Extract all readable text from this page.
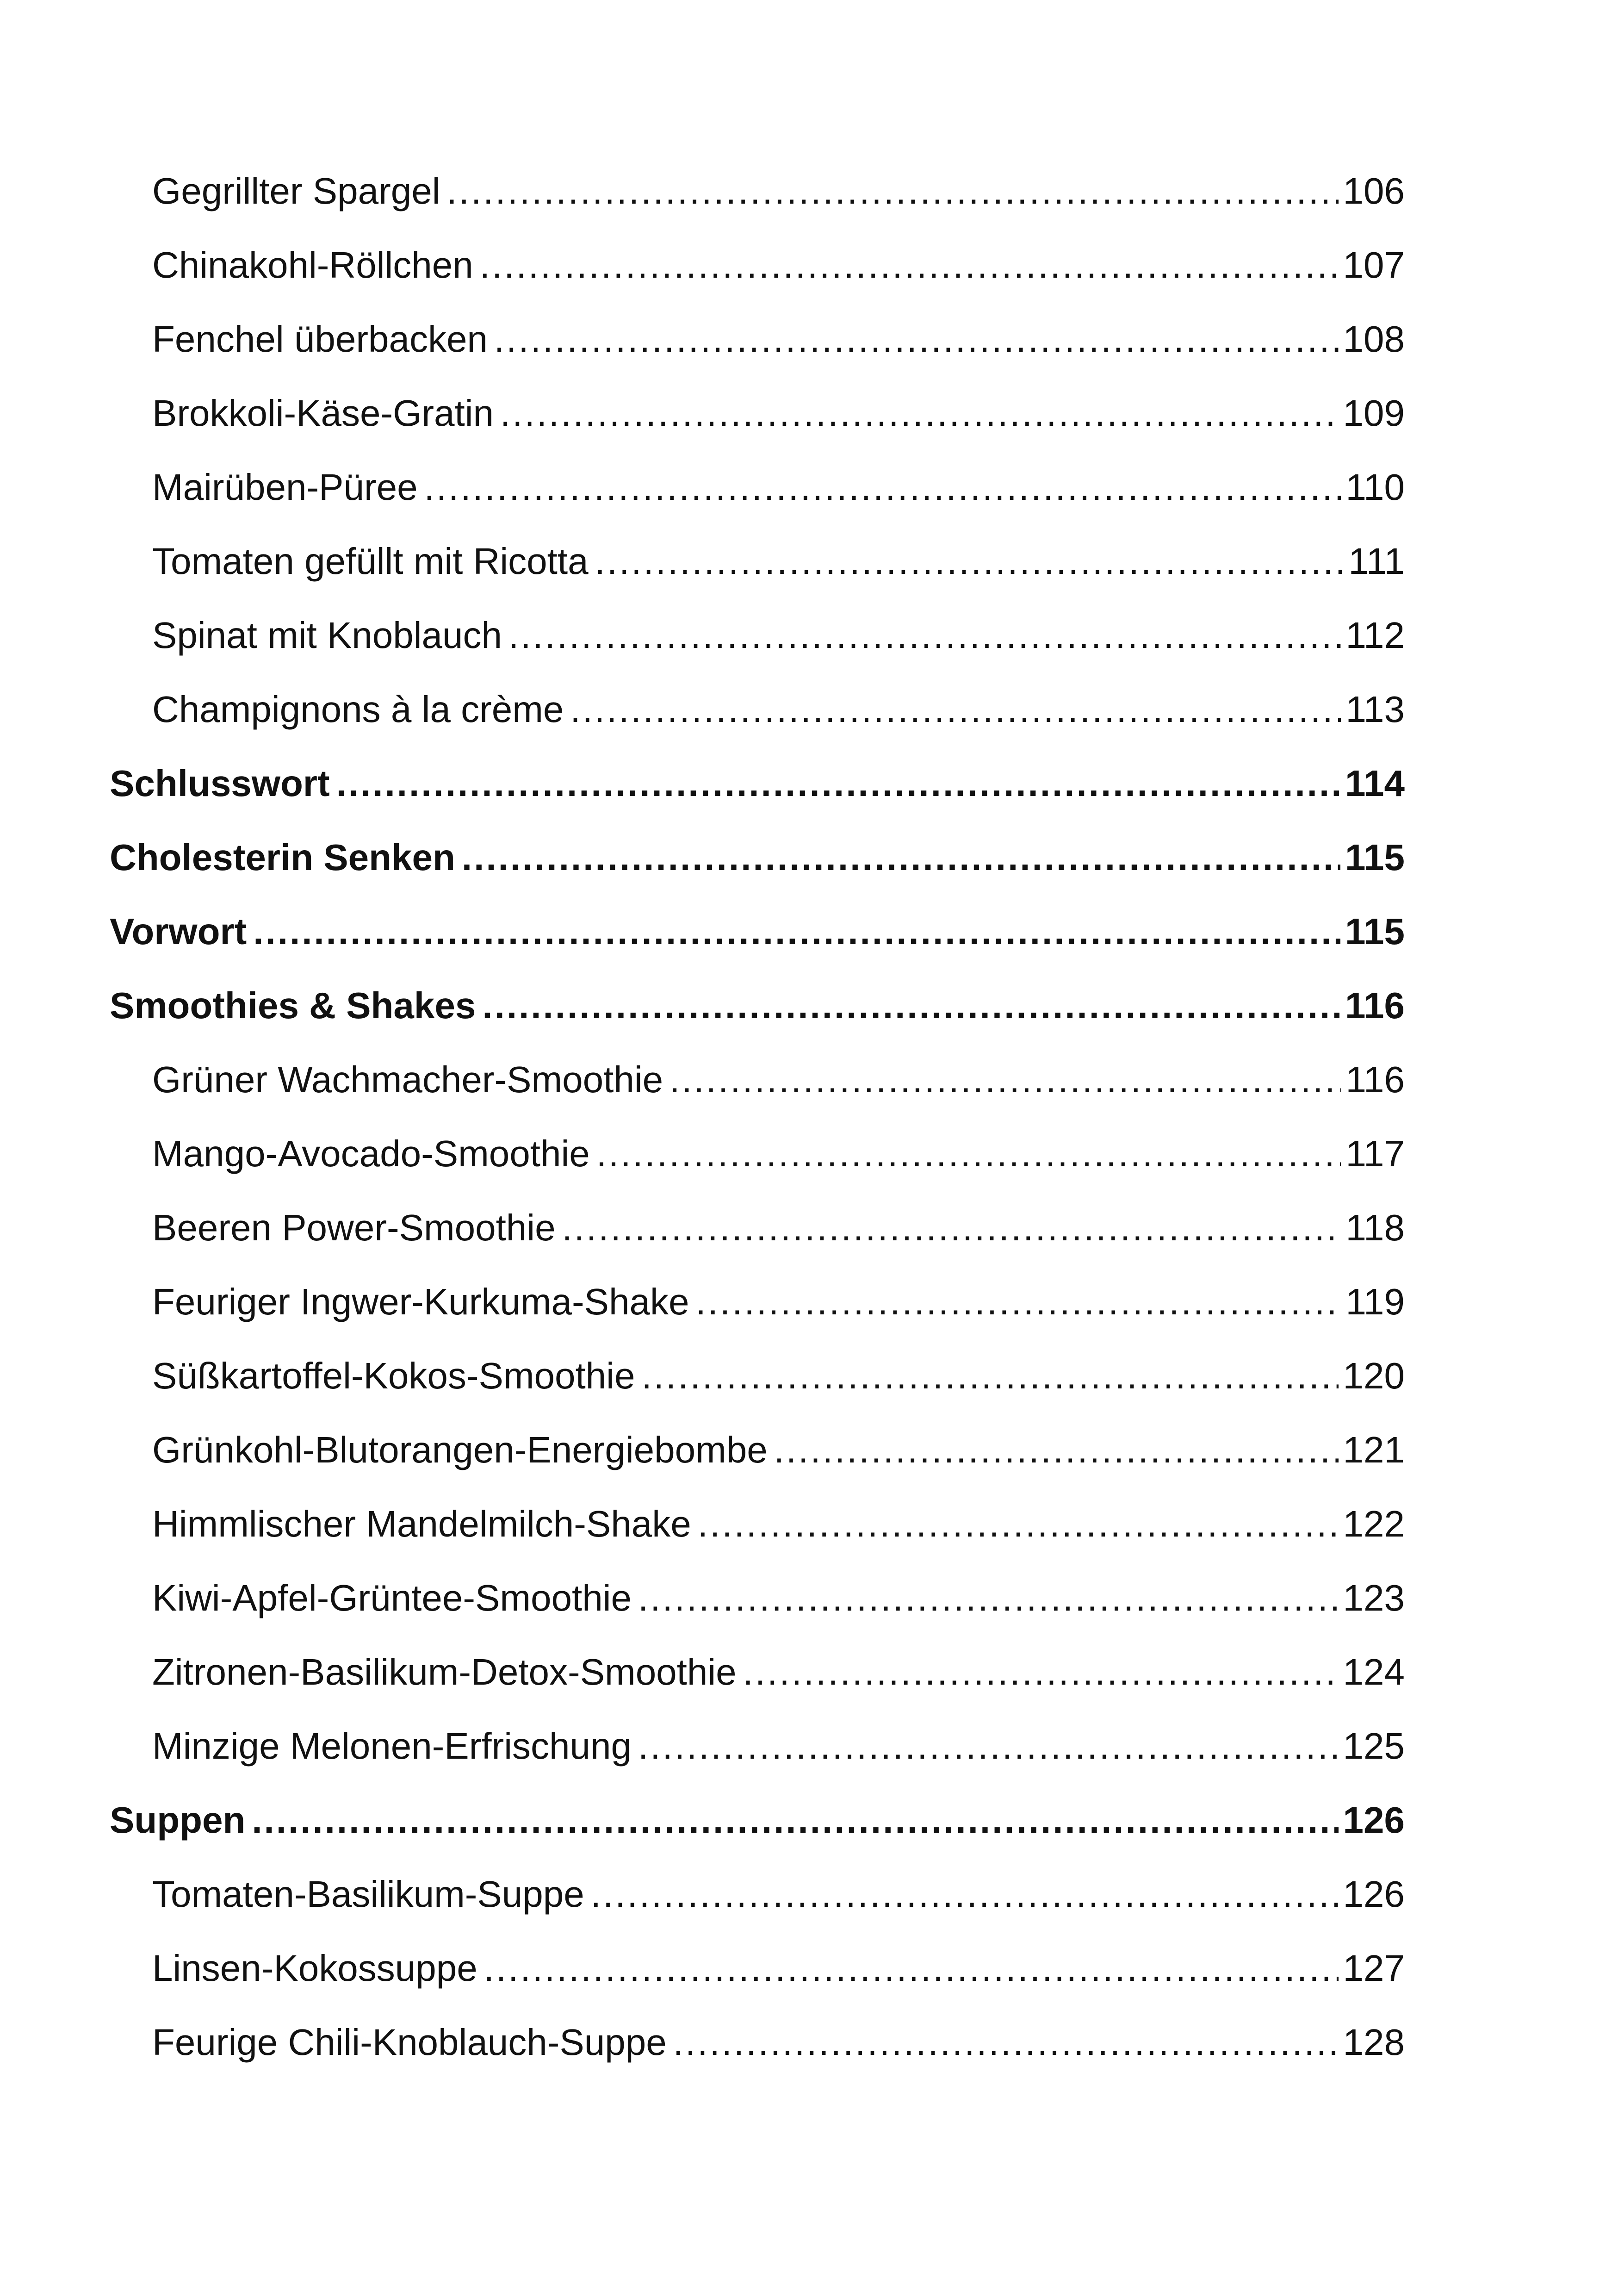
Gegrillter Spargel .....	106
Chinakohl-Röllchen .....	107
Fenchel überbacken .....	108
Brokkoli-Käse-Gratin .....	109
Mairüben-Püree .....	110
Tomaten gefüllt mit Ricotta .....	111
Spinat mit Knoblauch .....	112
Champignons à la crème .....	113
Schlusswort .....	114
Cholesterin Senken .....	115
Vorwort .....	115
Smoothies & Shakes .....	116
Grüner Wachmacher-Smoothie .....	116
Mango-Avocado-Smoothie .....	117
Beeren Power-Smoothie .....	118
Feuriger Ingwer-Kurkuma-Shake .....	119
Süßkartoffel-Kokos-Smoothie .....	120
Grünkohl-Blutorangen-Energiebombe .....	121
Himmlischer Mandelmilch-Shake .....	122
Kiwi-Apfel-Grüntee-Smoothie .....	123
Zitronen-Basilikum-Detox-Smoothie .....	124
Minzige Melonen-Erfrischung .....	125
Suppen .....	126
Tomaten-Basilikum-Suppe .....	126
Linsen-Kokossuppe .....	127
Feurige Chili-Knoblauch-Suppe .....	128
